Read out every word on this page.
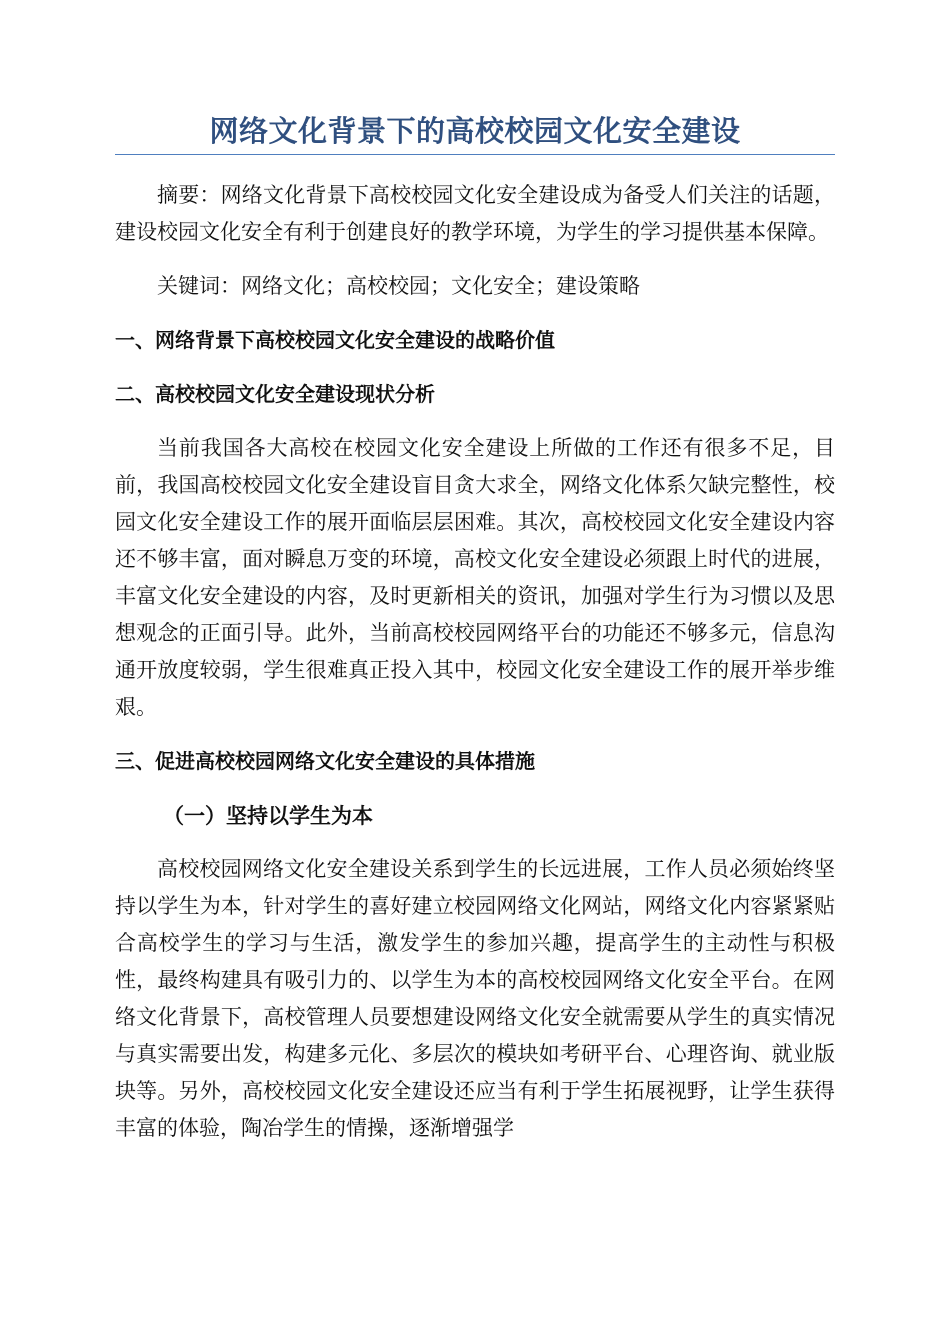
网络文化背景下的高校校园文化安全建设

摘要：网络文化背景下高校校园文化安全建设成为备受人们关注的话题，建设校园文化安全有利于创建良好的教学环境，为学生的学习提供基本保障。

关键词：网络文化；高校校园；文化安全；建设策略

一、网络背景下高校校园文化安全建设的战略价值
二、高校校园文化安全建设现状分析

当前我国各大高校在校园文化安全建设上所做的工作还有很多不足，目前，我国高校校园文化安全建设盲目贪大求全，网络文化体系欠缺完整性，校园文化安全建设工作的展开面临层层困难。其次，高校校园文化安全建设内容还不够丰富，面对瞬息万变的环境，高校文化安全建设必须跟上时代的进展，丰富文化安全建设的内容，及时更新相关的资讯，加强对学生行为习惯以及思想观念的正面引导。此外，当前高校校园网络平台的功能还不够多元，信息沟通开放度较弱，学生很难真正投入其中，校园文化安全建设工作的展开举步维艰。

三、促进高校校园网络文化安全建设的具体措施
（一）坚持以学生为本

高校校园网络文化安全建设关系到学生的长远进展，工作人员必须始终坚持以学生为本，针对学生的喜好建立校园网络文化网站，网络文化内容紧紧贴合高校学生的学习与生活，激发学生的参加兴趣，提高学生的主动性与积极性，最终构建具有吸引力的、以学生为本的高校校园网络文化安全平台。在网络文化背景下，高校管理人员要想建设网络文化安全就需要从学生的真实情况与真实需要出发，构建多元化、多层次的模块如考研平台、心理咨询、就业版块等。另外，高校校园文化安全建设还应当有利于学生拓展视野，让学生获得丰富的体验，陶冶学生的情操，逐渐增强学
